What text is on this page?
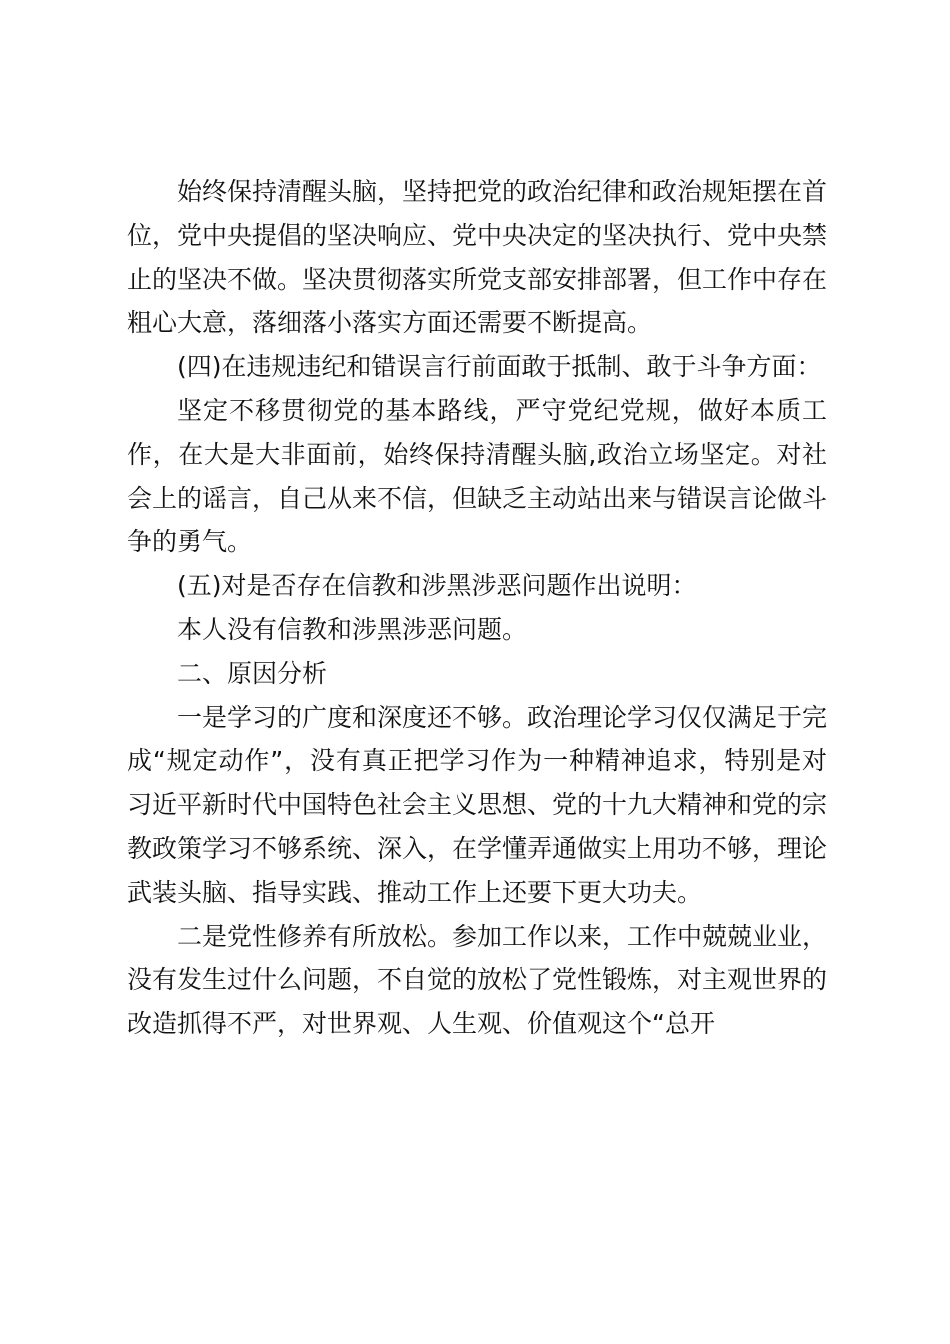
始终保持清醒头脑，坚持把党的政治纪律和政治规矩摆在首位，党中央提倡的坚决响应、党中央决定的坚决执行、党中央禁止的坚决不做。坚决贯彻落实所党支部安排部署，但工作中存在粗心大意，落细落小落实方面还需要不断提高。

(四)在违规违纪和错误言行前面敢于抵制、敢于斗争方面：

坚定不移贯彻党的基本路线，严守党纪党规，做好本质工作，在大是大非面前，始终保持清醒头脑,政治立场坚定。对社会上的谣言，自己从来不信，但缺乏主动站出来与错误言论做斗争的勇气。

(五)对是否存在信教和涉黑涉恶问题作出说明：

本人没有信教和涉黑涉恶问题。

二、原因分析

一是学习的广度和深度还不够。政治理论学习仅仅满足于完成“规定动作”，没有真正把学习作为一种精神追求，特别是对习近平新时代中国特色社会主义思想、党的十九大精神和党的宗教政策学习不够系统、深入，在学懂弄通做实上用功不够，理论武装头脑、指导实践、推动工作上还要下更大功夫。

二是党性修养有所放松。参加工作以来，工作中兢兢业业，没有发生过什么问题，不自觉的放松了党性锻炼，对主观世界的改造抓得不严，对世界观、人生观、价值观这个“总开
